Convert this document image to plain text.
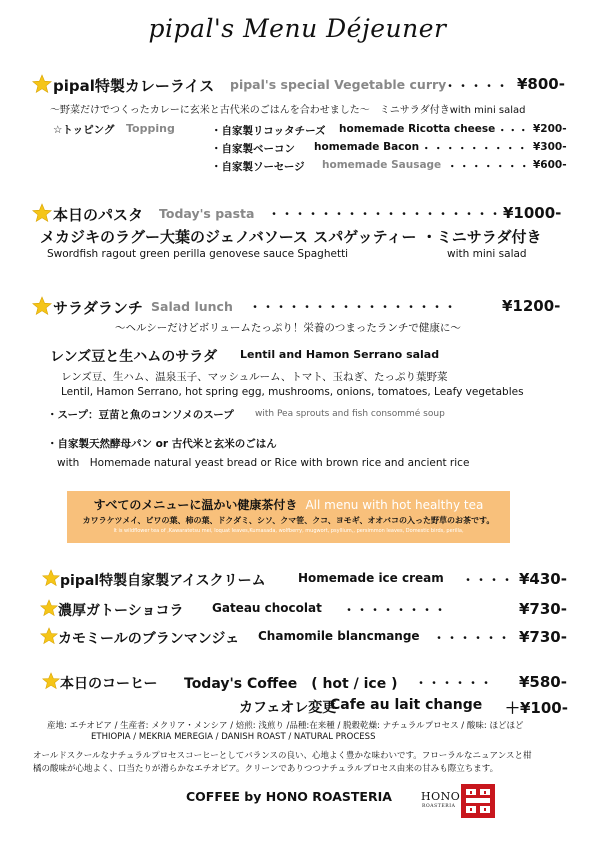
pipal's Menu Déjeuner
pipal特製カレーライス pipal's special Vegetable curry
・・・・・ ¥800-
～野菜だけでつくったカレーに玄米と古代米のごはんを合わせました～　ミニサラダ付きwith mini salad
☆トッピング Topping	・自家製リコッタチーズ homemade Ricotta cheese ・・・ ¥200-
・自家製ベーコン homemade Bacon ・・・・・・・・・ ¥300-
・自家製ソーセージ homemade Sausage ・・・・・・・ ¥600-
本日のパスタ Today's pasta ・・・・・・・・・・・・・・・・・・ ¥1000-
メカジキのラグー大葉のジェノバソース スパゲッティー ・ミニサラダ付き
Swordfish ragout green perilla genovese sauce Spaghetti	with mini salad
サラダランチ Salad lunch ・・・・・・・・・・・・・・・・	¥1200-
～ヘルシーだけどボリュームたっぷり！栄養のつまったランチで健康に～
レンズ豆と生ハムのサラダ Lentil and Hamon Serrano salad
レンズ豆、生ハム、温泉玉子、マッシュルーム、トマト、玉ねぎ、たっぷり葉野菜
Lentil, Hamon Serrano, hot spring egg, mushrooms, onions, tomatoes, Leafy vegetables
・スープ：豆苗と魚のコンソメのスープ with Pea sprouts and fish consommé soup
・自家製天然酵母パン or 古代米と玄米のごはん
with　Homemade natural yeast bread or Rice with brown rice and ancient rice
すべてのメニューに温かい健康茶付き All menu with hot healthy tea
カワラケツメイ、ビワの葉、柿の葉、ドクダミ、シソ、クマ笹、クコ、ヨモギ、オオバコの入った野草のお茶です。
It is wildflower tea of ,Kawaratetsu mei, loquat leaves,Kumasada, wolfberry, mugwort, psyllium,, persimmon leaves, Domestic birds, perilla,
pipal特製自家製アイスクリーム	Homemade ice cream ・・・・ ¥430-
濃厚ガトーショコラ Gateau chocolat ・・・・・・・・	¥730-
カモミールのブランマンジェ Chamomile blancmange ・・・・・・ ¥730-
本日のコーヒー Today's Coffee　( hot / ice ) ・・・・・・ ¥580-
カフェオレ変更
Cafe au lait change ＋¥100-
産地: エチオピア / 生産者: メクリア・メンシア / 焙煎: 浅煎り /品種:在来種 / 脱穀乾燥: ナチュラルプロセス / 酸味: ほどほど
ETHIOPIA / MEKRIA MEREGIA / DANISH ROAST / NATURAL PROCESS
オールドスクールなナチュラルプロセスコーヒーとしてバランスの良い、心地よく豊かな味わいです。フローラルなニュアンスと柑
橘の酸味が心地よく、口当たりが滑らかなエチオピア。クリーンでありつつナチュラルプロセス由来の甘みも際立ちます。
COFFEE by HONO ROASTERIA	HONO
ROASTERIA
